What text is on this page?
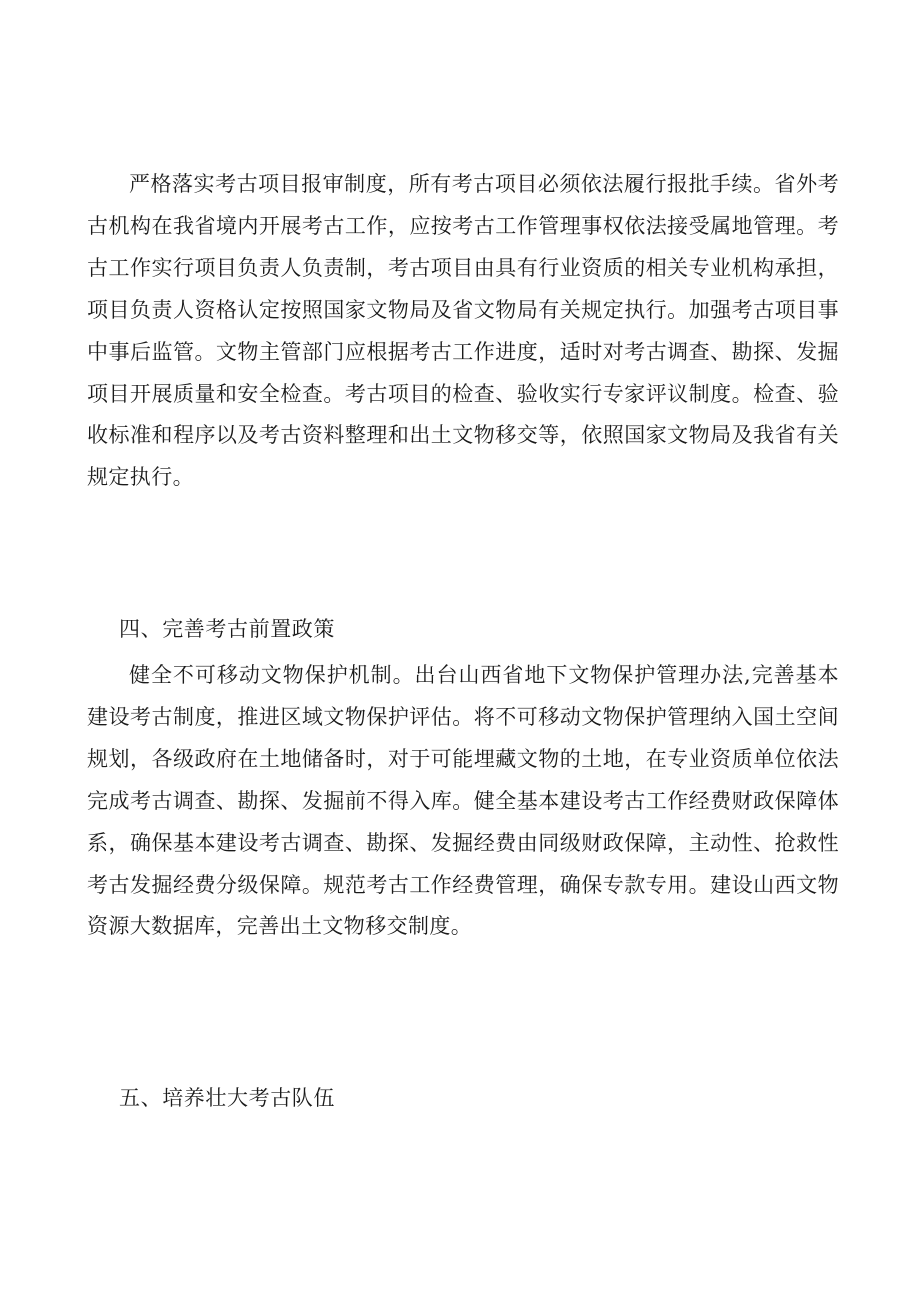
严格落实考古项目报审制度，所有考古项目必须依法履行报批手续。省外考古机构在我省境内开展考古工作，应按考古工作管理事权依法接受属地管理。考古工作实行项目负责人负责制，考古项目由具有行业资质的相关专业机构承担，项目负责人资格认定按照国家文物局及省文物局有关规定执行。加强考古项目事中事后监管。文物主管部门应根据考古工作进度，适时对考古调查、勘探、发掘项目开展质量和安全检查。考古项目的检查、验收实行专家评议制度。检查、验收标准和程序以及考古资料整理和出土文物移交等，依照国家文物局及我省有关规定执行。

四、完善考古前置政策

健全不可移动文物保护机制。出台山西省地下文物保护管理办法,完善基本建设考古制度，推进区域文物保护评估。将不可移动文物保护管理纳入国土空间规划，各级政府在土地储备时，对于可能埋藏文物的土地，在专业资质单位依法完成考古调查、勘探、发掘前不得入库。健全基本建设考古工作经费财政保障体系，确保基本建设考古调查、勘探、发掘经费由同级财政保障，主动性、抢救性考古发掘经费分级保障。规范考古工作经费管理，确保专款专用。建设山西文物资源大数据库，完善出土文物移交制度。

五、培养壮大考古队伍
